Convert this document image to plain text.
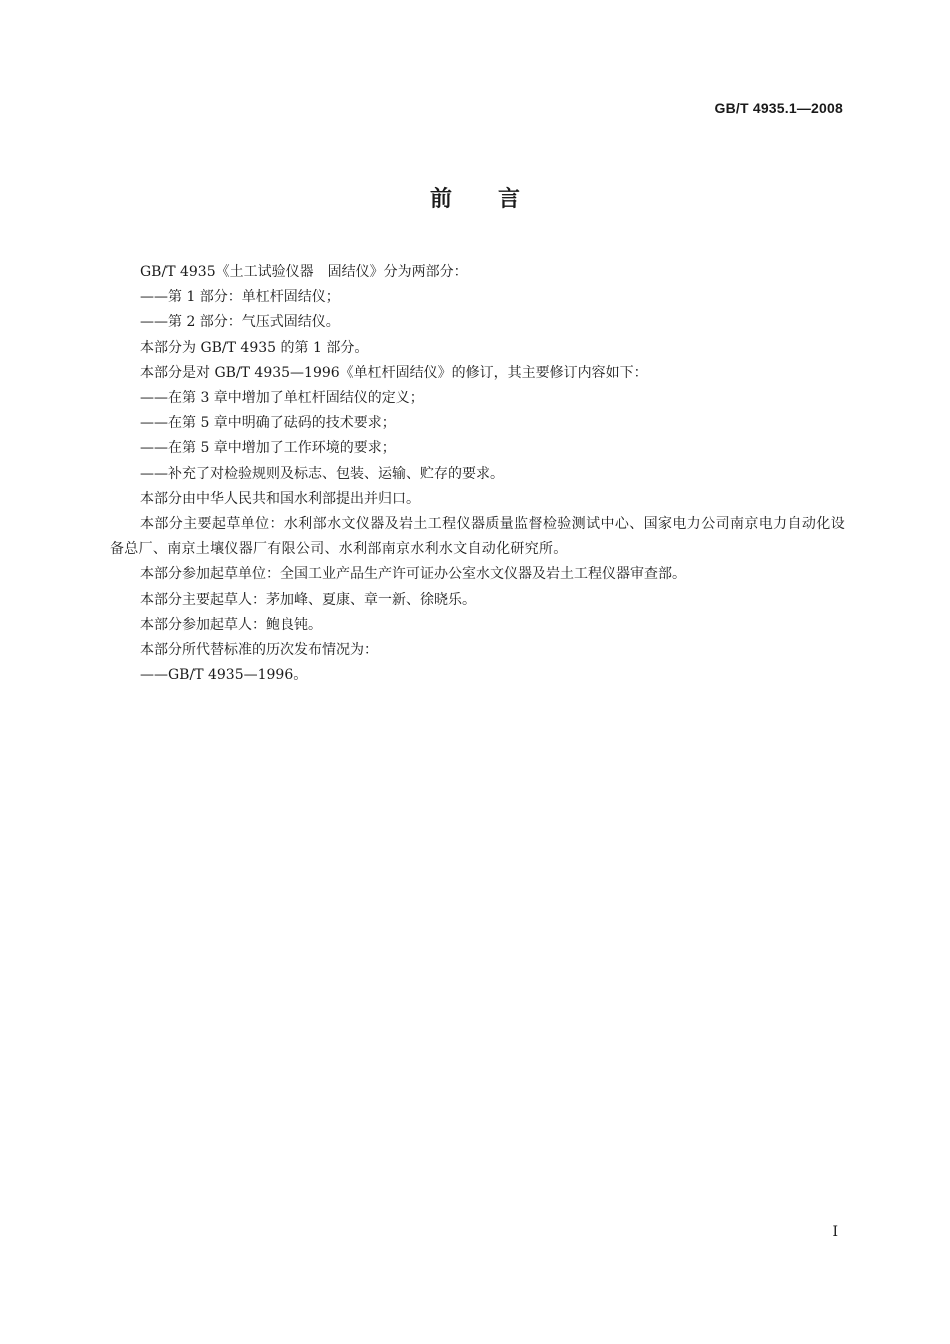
GB/T 4935.1—2008
前言

GB/T 4935《土工试验仪器　固结仪》分为两部分：

——第 1 部分：单杠杆固结仪；

——第 2 部分：气压式固结仪。

本部分为 GB/T 4935 的第 1 部分。

本部分是对 GB/T 4935—1996《单杠杆固结仪》的修订，其主要修订内容如下：

——在第 3 章中增加了单杠杆固结仪的定义；

——在第 5 章中明确了砝码的技术要求；

——在第 5 章中增加了工作环境的要求；

——补充了对检验规则及标志、包装、运输、贮存的要求。

本部分由中华人民共和国水利部提出并归口。

本部分主要起草单位：水利部水文仪器及岩土工程仪器质量监督检验测试中心、国家电力公司南京电力自动化设备总厂、南京土壤仪器厂有限公司、水利部南京水利水文自动化研究所。

本部分参加起草单位：全国工业产品生产许可证办公室水文仪器及岩土工程仪器审查部。

本部分主要起草人：茅加峰、夏康、章一新、徐晓乐。

本部分参加起草人：鲍良钝。

本部分所代替标准的历次发布情况为：

——GB/T 4935—1996。

I
